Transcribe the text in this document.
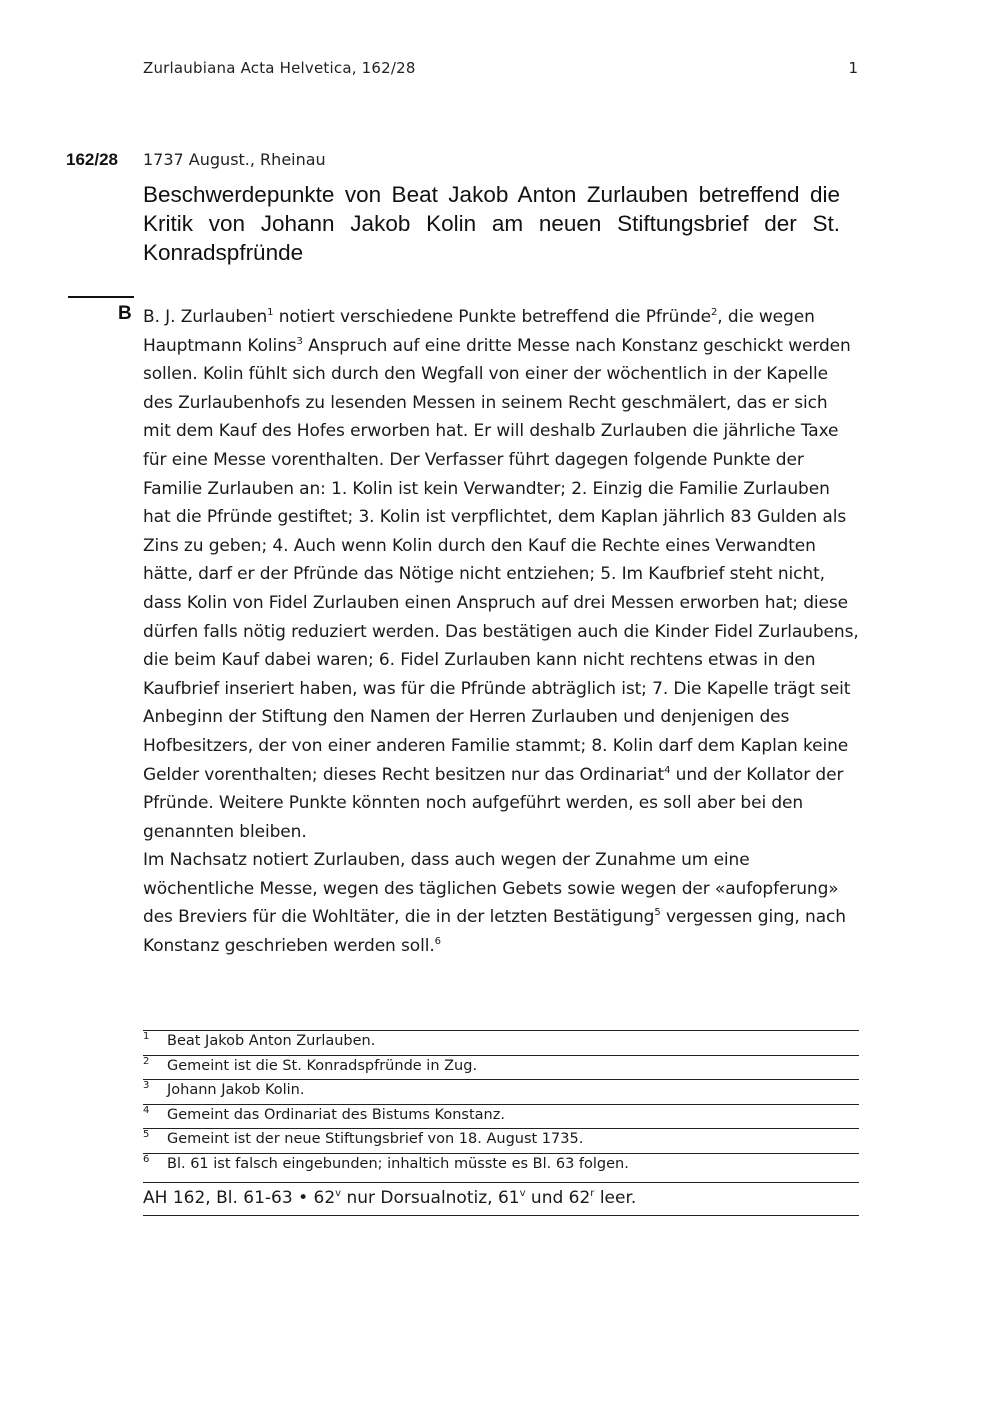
Zurlaubiana Acta Helvetica, 162/28	1
162/28 1737 August., Rheinau
Beschwerdepunkte von Beat Jakob Anton Zurlauben betreffend die Kritik von Johann Jakob Kolin am neuen Stiftungsbrief der St. Konradspfründe
B B. J. Zurlauben$^1$ notiert verschiedene Punkte betreffend die Pfründe$^2$, die wegen Hauptmann Kolins$^3$ Anspruch auf eine dritte Messe nach Konstanz geschickt werden sollen. Kolin fühlt sich durch den Wegfall von einer der wöchentlich in der Kapelle des Zurlaubenhofs zu lesenden Messen in seinem Recht geschmälert, das er sich mit dem Kauf des Hofes erworben hat. Er will deshalb Zurlauben die jährliche Taxe für eine Messe vorenthalten. Der Verfasser führt dagegen folgende Punkte der Familie Zurlauben an: 1. Kolin ist kein Verwandter; 2. Einzig die Familie Zurlauben hat die Pfründe gestiftet; 3. Kolin ist verpflichtet, dem Kaplan jährlich 83 Gulden als Zins zu geben; 4. Auch wenn Kolin durch den Kauf die Rechte eines Verwandten hätte, darf er der Pfründe das Nötige nicht entziehen; 5. Im Kaufbrief steht nicht, dass Kolin von Fidel Zurlauben einen Anspruch auf drei Messen erworben hat; diese dürfen falls nötig reduziert werden. Das bestätigen auch die Kinder Fidel Zurlaubens, die beim Kauf dabei waren; 6. Fidel Zurlauben kann nicht rechtens etwas in den Kaufbrief inseriert haben, was für die Pfründe abträglich ist; 7. Die Kapelle trägt seit Anbeginn der Stiftung den Namen der Herren Zurlauben und denjenigen des Hofbesitzers, der von einer anderen Familie stammt; 8. Kolin darf dem Kaplan keine Gelder vorenthalten; dieses Recht besitzen nur das Ordinariat$^4$ und der Kollator der Pfründe. Weitere Punkte könnten noch aufgeführt werden, es soll aber bei den genannten bleiben.

Im Nachsatz notiert Zurlauben, dass auch wegen der Zunahme um eine wöchentliche Messe, wegen des täglichen Gebets sowie wegen der «aufopferung» des Breviers für die Wohltäter, die in der letzten Bestätigung$^5$ vergessen ging, nach Konstanz geschrieben werden soll.$^6$

1 Beat Jakob Anton Zurlauben.
2 Gemeint ist die St. Konradspfründe in Zug.
3 Johann Jakob Kolin.
4 Gemeint das Ordinariat des Bistums Konstanz.
5 Gemeint ist der neue Stiftungsbrief von 18. August 1735.
6 Bl. 61 ist falsch eingebunden; inhaltich müsste es Bl. 63 folgen.
AH 162, Bl. 61-63 • 62$^v$ nur Dorsualnotiz, 61$^v$ und 62$^r$ leer.
